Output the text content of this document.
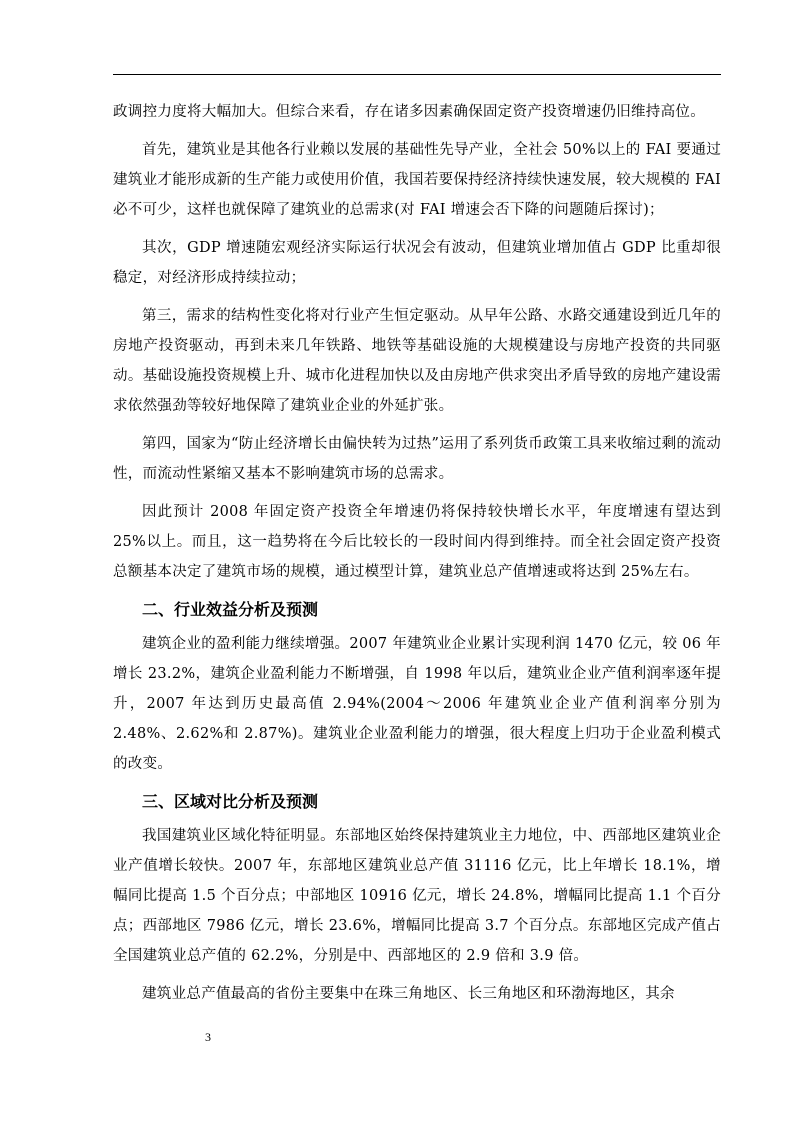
政调控力度将大幅加大。但综合来看，存在诸多因素确保固定资产投资增速仍旧维持高位。

首先，建筑业是其他各行业赖以发展的基础性先导产业，全社会 50%以上的 FAI 要通过建筑业才能形成新的生产能力或使用价值，我国若要保持经济持续快速发展，较大规模的 FAI 必不可少，这样也就保障了建筑业的总需求(对 FAI 增速会否下降的问题随后探讨)；

其次，GDP 增速随宏观经济实际运行状况会有波动，但建筑业增加值占 GDP 比重却很稳定，对经济形成持续拉动；

第三，需求的结构性变化将对行业产生恒定驱动。从早年公路、水路交通建设到近几年的房地产投资驱动，再到未来几年铁路、地铁等基础设施的大规模建设与房地产投资的共同驱动。基础设施投资规模上升、城市化进程加快以及由房地产供求突出矛盾导致的房地产建设需求依然强劲等较好地保障了建筑业企业的外延扩张。

第四，国家为“防止经济增长由偏快转为过热”运用了系列货币政策工具来收缩过剩的流动性，而流动性紧缩又基本不影响建筑市场的总需求。

因此预计 2008 年固定资产投资全年增速仍将保持较快增长水平，年度增速有望达到 25%以上。而且，这一趋势将在今后比较长的一段时间内得到维持。而全社会固定资产投资总额基本决定了建筑市场的规模，通过模型计算，建筑业总产值增速或将达到 25%左右。

二、行业效益分析及预测

建筑企业的盈利能力继续增强。2007 年建筑业企业累计实现利润 1470 亿元，较 06 年增长 23.2%，建筑企业盈利能力不断增强，自 1998 年以后，建筑业企业产值利润率逐年提升，2007 年达到历史最高值 2.94%(2004～2006 年建筑业企业产值利润率分别为 2.48%、2.62%和 2.87%)。建筑业企业盈利能力的增强，很大程度上归功于企业盈利模式的改变。

三、区域对比分析及预测

我国建筑业区域化特征明显。东部地区始终保持建筑业主力地位，中、西部地区建筑业企业产值增长较快。2007 年，东部地区建筑业总产值 31116 亿元，比上年增长 18.1%，增幅同比提高 1.5 个百分点；中部地区 10916 亿元，增长 24.8%，增幅同比提高 1.1 个百分点；西部地区 7986 亿元，增长 23.6%，增幅同比提高 3.7 个百分点。东部地区完成产值占全国建筑业总产值的 62.2%，分别是中、西部地区的 2.9 倍和 3.9 倍。

建筑业总产值最高的省份主要集中在珠三角地区、长三角地区和环渤海地区，其余

3
